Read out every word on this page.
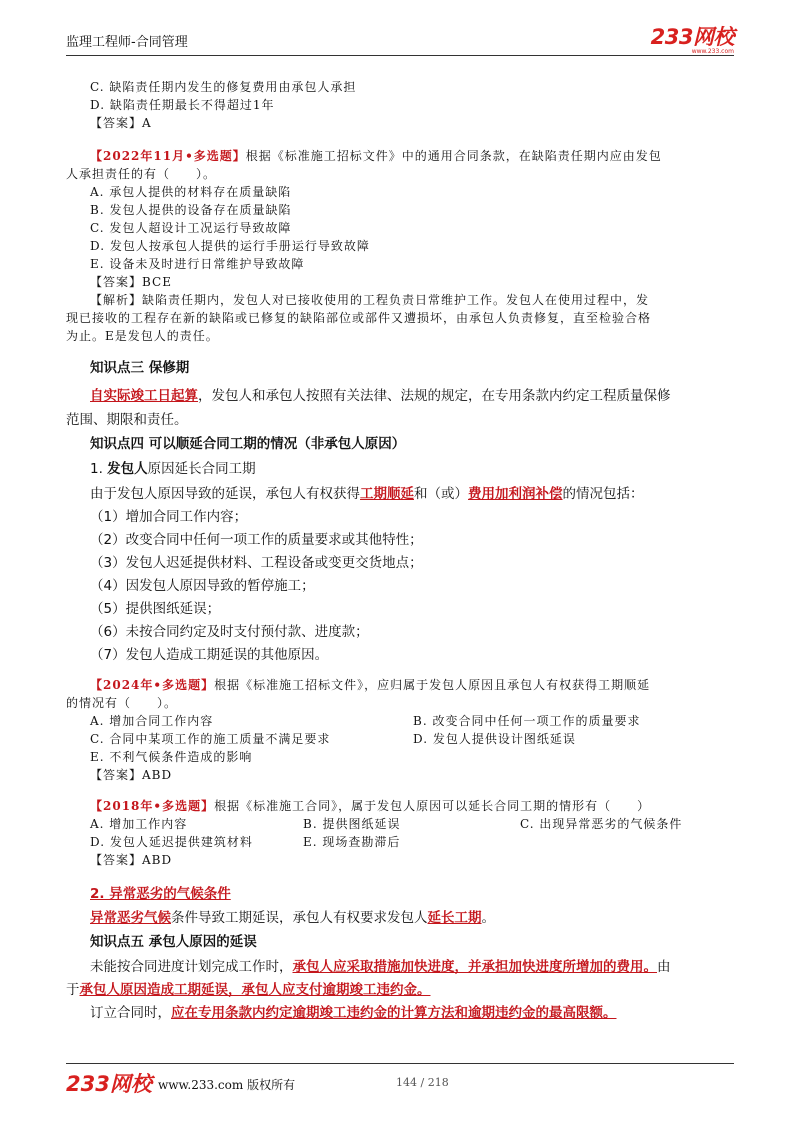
监理工程师-合同管理	233网校
www.233.com
C. 缺陷责任期内发生的修复费用由承包人承担
D. 缺陷责任期最长不得超过1年
【答案】A
【2022年11月•多选题】根据《标准施工招标文件》中的通用合同条款，在缺陷责任期内应由发包
人承担责任的有（　　）。
A. 承包人提供的材料存在质量缺陷
B. 发包人提供的设备存在质量缺陷
C. 发包人超设计工况运行导致故障
D. 发包人按承包人提供的运行手册运行导致故障
E. 设备未及时进行日常维护导致故障
【答案】BCE
【解析】缺陷责任期内，发包人对已接收使用的工程负责日常维护工作。发包人在使用过程中，发
现已接收的工程存在新的缺陷或已修复的缺陷部位或部件又遭损坏，由承包人负责修复，直至检验合格
为止。E是发包人的责任。
知识点三 保修期
自实际竣工日起算，发包人和承包人按照有关法律、法规的规定，在专用条款内约定工程质量保修
范围、期限和责任。
知识点四 可以顺延合同工期的情况（非承包人原因）
1. 发包人原因延长合同工期
由于发包人原因导致的延误，承包人有权获得工期顺延和（或）费用加利润补偿的情况包括：
（1）增加合同工作内容；
（2）改变合同中任何一项工作的质量要求或其他特性；
（3）发包人迟延提供材料、工程设备或变更交货地点；
（4）因发包人原因导致的暂停施工；
（5）提供图纸延误；
（6）未按合同约定及时支付预付款、进度款；
（7）发包人造成工期延误的其他原因。
【2024年•多选题】根据《标准施工招标文件》，应归属于发包人原因且承包人有权获得工期顺延
的情况有（　　）。
A. 增加合同工作内容	B. 改变合同中任何一项工作的质量要求
C. 合同中某项工作的施工质量不满足要求	D. 发包人提供设计图纸延误
E. 不利气候条件造成的影响
【答案】ABD
【2018年•多选题】根据《标准施工合同》，属于发包人原因可以延长合同工期的情形有（　　）
A. 增加工作内容	B. 提供图纸延误	C. 出现异常恶劣的气候条件
D. 发包人延迟提供建筑材料	E. 现场查勘滞后
【答案】ABD
2. 异常恶劣的气候条件
异常恶劣气候条件导致工期延误，承包人有权要求发包人延长工期。
知识点五 承包人原因的延误
未能按合同进度计划完成工作时，承包人应采取措施加快进度，并承担加快进度所增加的费用。由
于承包人原因造成工期延误，承包人应支付逾期竣工违约金。
订立合同时，应在专用条款内约定逾期竣工违约金的计算方法和逾期违约金的最高限额。
233网校 www.233.com 版权所有	144 / 218
